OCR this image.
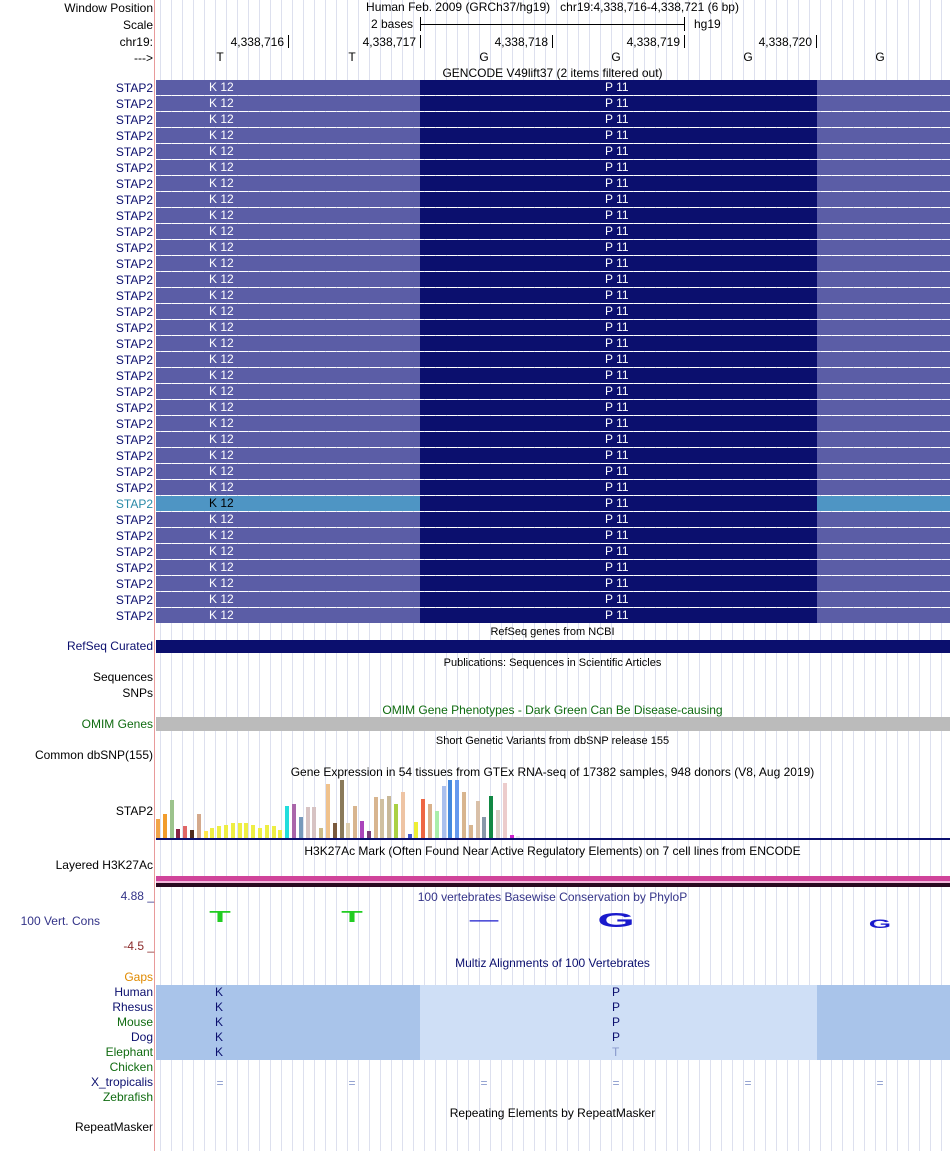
Window Position
Scale
chr19:
--->
Human Feb. 2009 (GRCh37/hg19)   chr19:4,338,716-4,338,721 (6 bp)
2 bases	hg19
4,338,716	4,338,717	4,338,718	4,338,719	4,338,720
T	T	G	G	G	G
GENCODE V49lift37 (2 items filtered out)
STAP2	K 12	P 11
STAP2	K 12	P 11
STAP2	K 12	P 11
STAP2	K 12	P 11
STAP2	K 12	P 11
STAP2	K 12	P 11
STAP2	K 12	P 11
STAP2	K 12	P 11
STAP2	K 12	P 11
STAP2	K 12	P 11
STAP2	K 12	P 11
STAP2	K 12	P 11
STAP2	K 12	P 11
STAP2	K 12	P 11
STAP2	K 12	P 11
STAP2	K 12	P 11
STAP2	K 12	P 11
STAP2	K 12	P 11
STAP2	K 12	P 11
STAP2	K 12	P 11
STAP2	K 12	P 11
STAP2	K 12	P 11
STAP2	K 12	P 11
STAP2	K 12	P 11
STAP2	K 12	P 11
STAP2	K 12	P 11
STAP2	K 12	P 11
STAP2	K 12	P 11
STAP2	K 12	P 11
STAP2	K 12	P 11
STAP2	K 12	P 11
STAP2	K 12	P 11
STAP2	K 12	P 11
STAP2	K 12	P 11
RefSeq genes from NCBI
RefSeq Curated
Publications: Sequences in Scientific Articles
Sequences
SNPs
OMIM Gene Phenotypes - Dark Green Can Be Disease-causing
OMIM Genes
Short Genetic Variants from dbSNP release 155
Common dbSNP(155)
Gene Expression in 54 tissues from GTEx RNA-seq of 17382 samples, 948 donors (V8, Aug 2019)
STAP2
H3K27Ac Mark (Often Found Near Active Regulatory Elements) on 7 cell lines from ENCODE
Layered H3K27Ac
4.88 _	100 vertebrates Basewise Conservation by PhyloP
100 Vert. Cons
-4.5 _
T	T	—	G	G
Multiz Alignments of 100 Vertebrates
Gaps
Human	K	P
Rhesus	K	P
Mouse	K	P
Dog	K	P
Elephant	K	T
Chicken
X_tropicalis	=	=	=	=	=	=
Zebrafish
Repeating Elements by RepeatMasker
RepeatMasker
